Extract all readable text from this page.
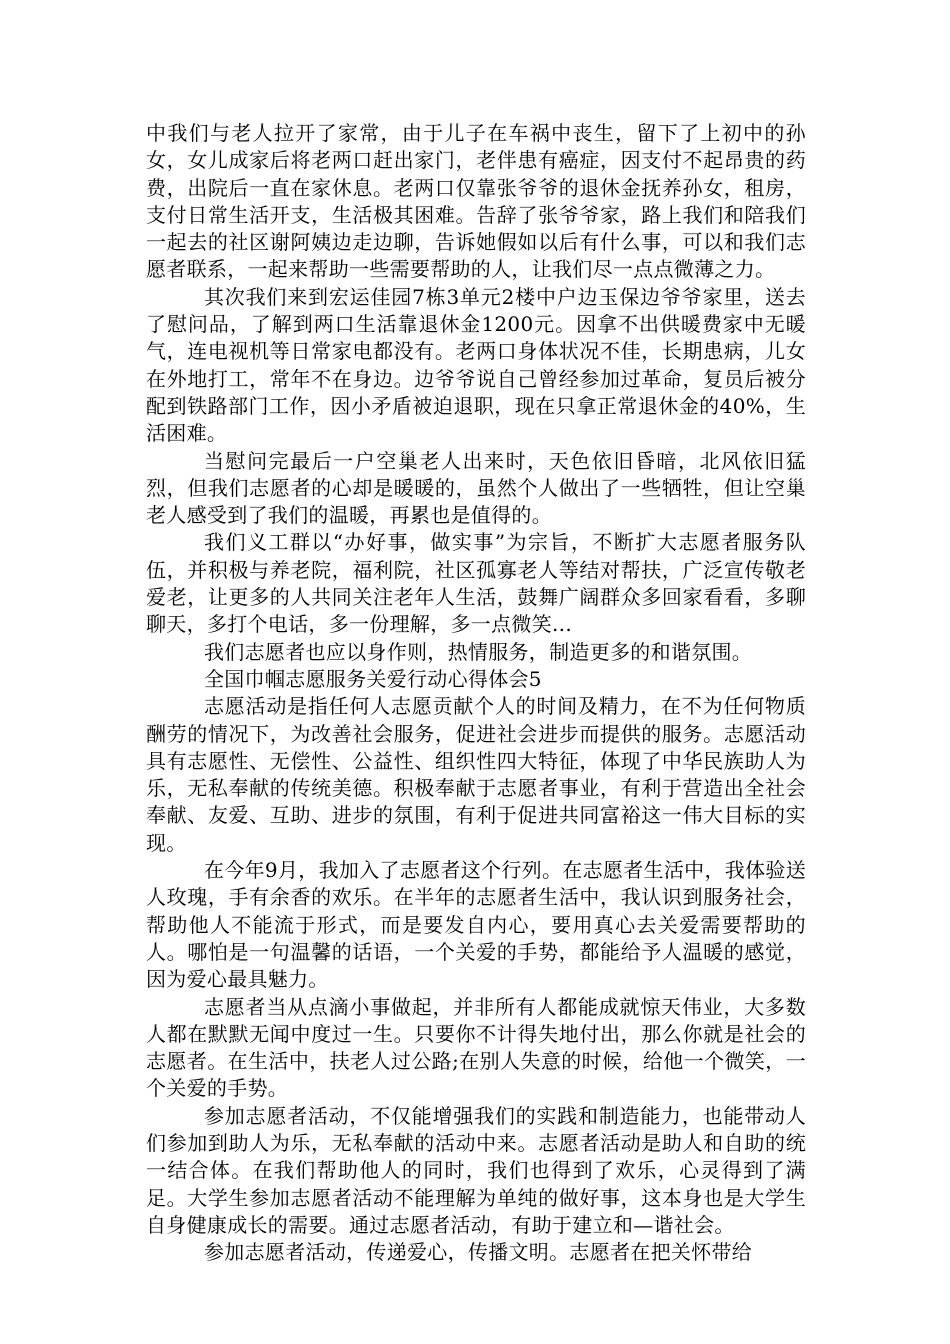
中我们与老人拉开了家常，由于儿子在车祸中丧生，留下了上初中的孙女，女儿成家后将老两口赶出家门，老伴患有癌症，因支付不起昂贵的药费，出院后一直在家休息。老两口仅靠张爷爷的退休金抚养孙女，租房，支付日常生活开支，生活极其困难。告辞了张爷爷家，路上我们和陪我们一起去的社区谢阿姨边走边聊，告诉她假如以后有什么事，可以和我们志愿者联系，一起来帮助一些需要帮助的人，让我们尽一点点微薄之力。

其次我们来到宏运佳园7栋3单元2楼中户边玉保边爷爷家里，送去了慰问品，了解到两口生活靠退休金1200元。因拿不出供暖费家中无暖气，连电视机等日常家电都没有。老两口身体状况不佳，长期患病，儿女在外地打工，常年不在身边。边爷爷说自己曾经参加过革命，复员后被分配到铁路部门工作，因小矛盾被迫退职，现在只拿正常退休金的40%，生活困难。

当慰问完最后一户空巢老人出来时，天色依旧昏暗，北风依旧猛烈，但我们志愿者的心却是暖暖的，虽然个人做出了一些牺牲，但让空巢老人感受到了我们的温暖，再累也是值得的。

我们义工群以“办好事，做实事”为宗旨，不断扩大志愿者服务队伍，并积极与养老院，福利院，社区孤寡老人等结对帮扶，广泛宣传敬老爱老，让更多的人共同关注老年人生活，鼓舞广阔群众多回家看看，多聊聊天，多打个电话，多一份理解，多一点微笑...

我们志愿者也应以身作则，热情服务，制造更多的和谐氛围。

全国巾帼志愿服务关爱行动心得体会5

志愿活动是指任何人志愿贡献个人的时间及精力，在不为任何物质酬劳的情况下，为改善社会服务，促进社会进步而提供的服务。志愿活动具有志愿性、无偿性、公益性、组织性四大特征，体现了中华民族助人为乐，无私奉献的传统美德。积极奉献于志愿者事业，有利于营造出全社会奉献、友爱、互助、进步的氛围，有利于促进共同富裕这一伟大目标的实现。

在今年9月，我加入了志愿者这个行列。在志愿者生活中，我体验送人玫瑰，手有余香的欢乐。在半年的志愿者生活中，我认识到服务社会，帮助他人不能流于形式，而是要发自内心，要用真心去关爱需要帮助的人。哪怕是一句温馨的话语，一个关爱的手势，都能给予人温暖的感觉，因为爱心最具魅力。

志愿者当从点滴小事做起，并非所有人都能成就惊天伟业，大多数人都在默默无闻中度过一生。只要你不计得失地付出，那么你就是社会的志愿者。在生活中，扶老人过公路;在别人失意的时候，给他一个微笑，一个关爱的手势。

参加志愿者活动，不仅能增强我们的实践和制造能力，也能带动人们参加到助人为乐，无私奉献的活动中来。志愿者活动是助人和自助的统一结合体。在我们帮助他人的同时，我们也得到了欢乐，心灵得到了满足。大学生参加志愿者活动不能理解为单纯的做好事，这本身也是大学生自身健康成长的需要。通过志愿者活动，有助于建立和—谐社会。

参加志愿者活动，传递爱心，传播文明。志愿者在把关怀带给
